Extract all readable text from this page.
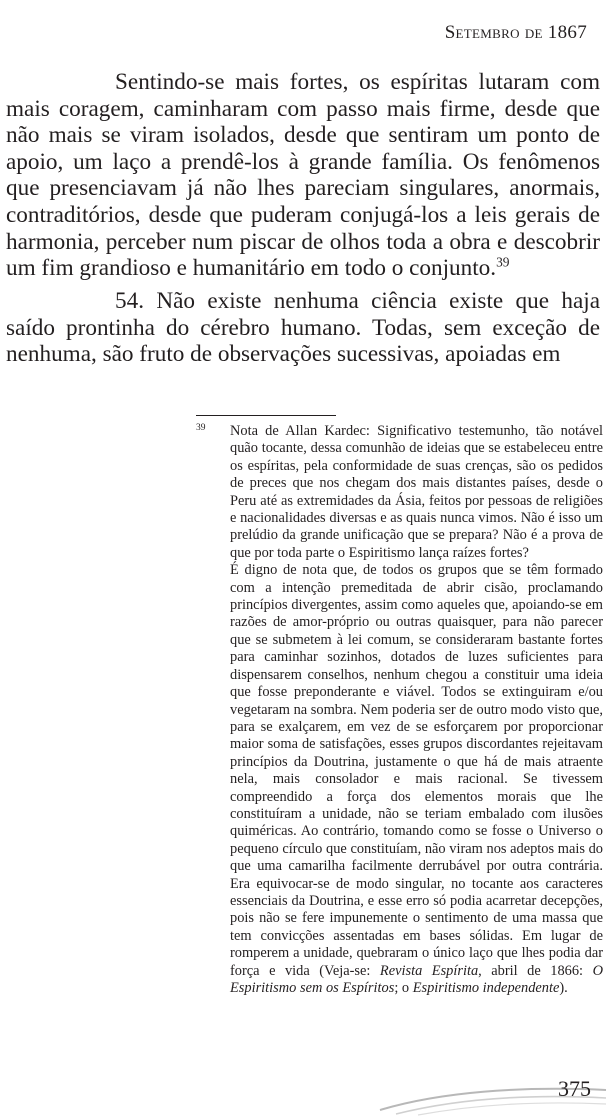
Setembro de 1867

Sentindo-se mais fortes, os espíritas lutaram com mais coragem, caminharam com passo mais firme, desde que não mais se viram isolados, desde que sentiram um ponto de apoio, um laço a prendê-los à grande família. Os fenômenos que presenciavam já não lhes pareciam singulares, anormais, contraditórios, desde que puderam conjugá-los a leis gerais de harmonia, perceber num piscar de olhos toda a obra e descobrir um fim grandioso e humanitário em todo o conjunto.$^{39}$

54. Não existe nenhuma ciência existe que haja saído prontinha do cérebro humano. Todas, sem exceção de nenhuma, são fruto de observações sucessivas, apoiadas em

39 Nota de Allan Kardec: Significativo testemunho, tão notável quão tocante, dessa comunhão de ideias que se estabeleceu entre os espíritas, pela conformidade de suas crenças, são os pedidos de preces que nos chegam dos mais distantes países, desde o Peru até as extremidades da Ásia, feitos por pessoas de religiões e nacionalidades diversas e as quais nunca vimos. Não é isso um prelúdio da grande unificação que se prepara? Não é a prova de que por toda parte o Espiritismo lança raízes fortes?

É digno de nota que, de todos os grupos que se têm formado com a intenção premeditada de abrir cisão, proclamando princípios divergentes, assim como aqueles que, apoiando-se em razões de amor-próprio ou outras quaisquer, para não parecer que se submetem à lei comum, se consideraram bastante fortes para caminhar sozinhos, dotados de luzes suficientes para dispensarem conselhos, nenhum chegou a constituir uma ideia que fosse preponderante e viável. Todos se extinguiram e/ou vegetaram na sombra. Nem poderia ser de outro modo visto que, para se exalçarem, em vez de se esforçarem por proporcionar maior soma de satisfações, esses grupos discordantes rejeitavam princípios da Doutrina, justamente o que há de mais atraente nela, mais consolador e mais racional. Se tivessem compreendido a força dos elementos morais que lhe constituíram a unidade, não se teriam embalado com ilusões quiméricas. Ao contrário, tomando como se fosse o Universo o pequeno círculo que constituíam, não viram nos adeptos mais do que uma camarilha facilmente derrubável por outra contrária. Era equivocar-se de modo singular, no tocante aos caracteres essenciais da Doutrina, e esse erro só podia acarretar decepções, pois não se fere impunemente o sentimento de uma massa que tem convicções assentadas em bases sólidas. Em lugar de romperem a unidade, quebraram o único laço que lhes podia dar força e vida (Veja-se: Revista Espírita, abril de 1866: O Espiritismo sem os Espíritos; o Espiritismo independente).

375
